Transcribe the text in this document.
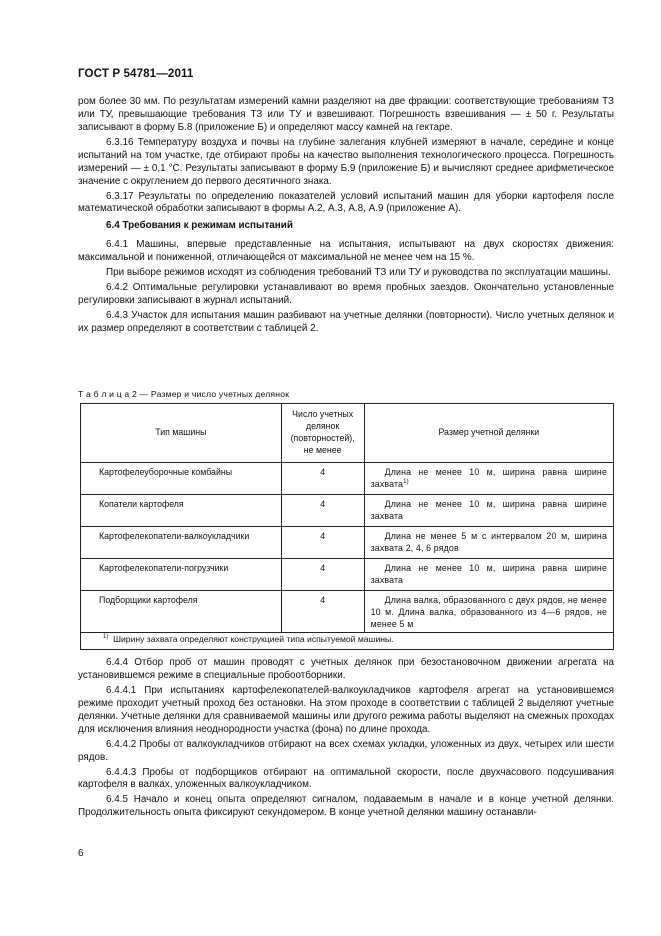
ГОСТ Р 54781—2011

ром более 30 мм. По результатам измерений камни разделяют на две фракции: соответствующие требованиям ТЗ или ТУ, превышающие требования ТЗ или ТУ и взвешивают. Погрешность взвешивания — ± 50 г. Результаты записывают в форму Б.8 (приложение Б) и определяют массу камней на гектаре.

6.3.16 Температуру воздуха и почвы на глубине залегания клубней измеряют в начале, середине и конце испытаний на том участке, где отбирают пробы на качество выполнения технологического процесса. Погрешность измерений — ± 0,1 °С. Результаты записывают в форму Б.9 (приложение Б) и вычисляют среднее арифметическое значение с округлением до первого десятичного знака.

6.3.17 Результаты по определению показателей условий испытаний машин для уборки картофеля после математической обработки записывают в формы А.2, А.3, А.8, А.9 (приложение А).

6.4 Требования к режимам испытаний

6.4.1 Машины, впервые представленные на испытания, испытывают на двух скоростях движения: максимальной и пониженной, отличающейся от максимальной не менее чем на 15 %.

При выборе режимов исходят из соблюдения требований ТЗ или ТУ и руководства по эксплуатации машины.

6.4.2 Оптимальные регулировки устанавливают во время пробных заездов. Окончательно установленные регулировки записывают в журнал испытаний.

6.4.3 Участок для испытания машин разбивают на учетные делянки (повторности). Число учетных делянок и их размер определяют в соответствии с таблицей 2.

Т а б л и ц а 2 — Размер и число учетных делянок
Тип машины	Число учетных делянок (повторностей), не менее	Размер учетной делянки
Картофелеуборочные комбайны	4	Длина не менее 10 м, ширина равна ширине захвата$^{1)}$
Копатели картофеля	4	Длина не менее 10 м, ширина равна ширине захвата
Картофелекопатели-валкоукладчики	4	Длина не менее 5 м с интервалом 20 м, ширина захвата 2, 4, 6 рядов
Картофелекопатели-погрузчики	4	Длина не менее 10 м, ширина равна ширине захвата
Подборщики картофеля	4	Длина валка, образованного с двух рядов, не менее 10 м. Длина валка, образованного из 4—6 рядов, не менее 5 м
$^{1)}$ Ширину захвата определяют конструкцией типа испытуемой машины.		

6.4.4 Отбор проб от машин проводят с учетных делянок при безостановочном движении агрегата на установившемся режиме в специальные пробоотборники.

6.4.4.1 При испытаниях картофелекопателей-валкоукладчиков картофеля агрегат на установившемся режиме проходит учетный проход без остановки. На этом проходе в соответствии с таблицей 2 выделяют учетные делянки. Учетные делянки для сравниваемой машины или другого режима работы выделяют на смежных проходах для исключения влияния неоднородности участка (фона) по длине прохода.

6.4.4.2 Пробы от валкоукладчиков отбирают на всех схемах укладки, уложенных из двух, четырех или шести рядов.

6.4.4.3 Пробы от подборщиков отбирают на оптимальной скорости, после двухчасового подсушивания картофеля в валках, уложенных валкоукладчиком.

6.4.5 Начало и конец опыта определяют сигналом, подаваемым в начале и в конце учетной делянки. Продолжительность опыта фиксируют секундомером. В конце учетной делянки машину останавли-

6
